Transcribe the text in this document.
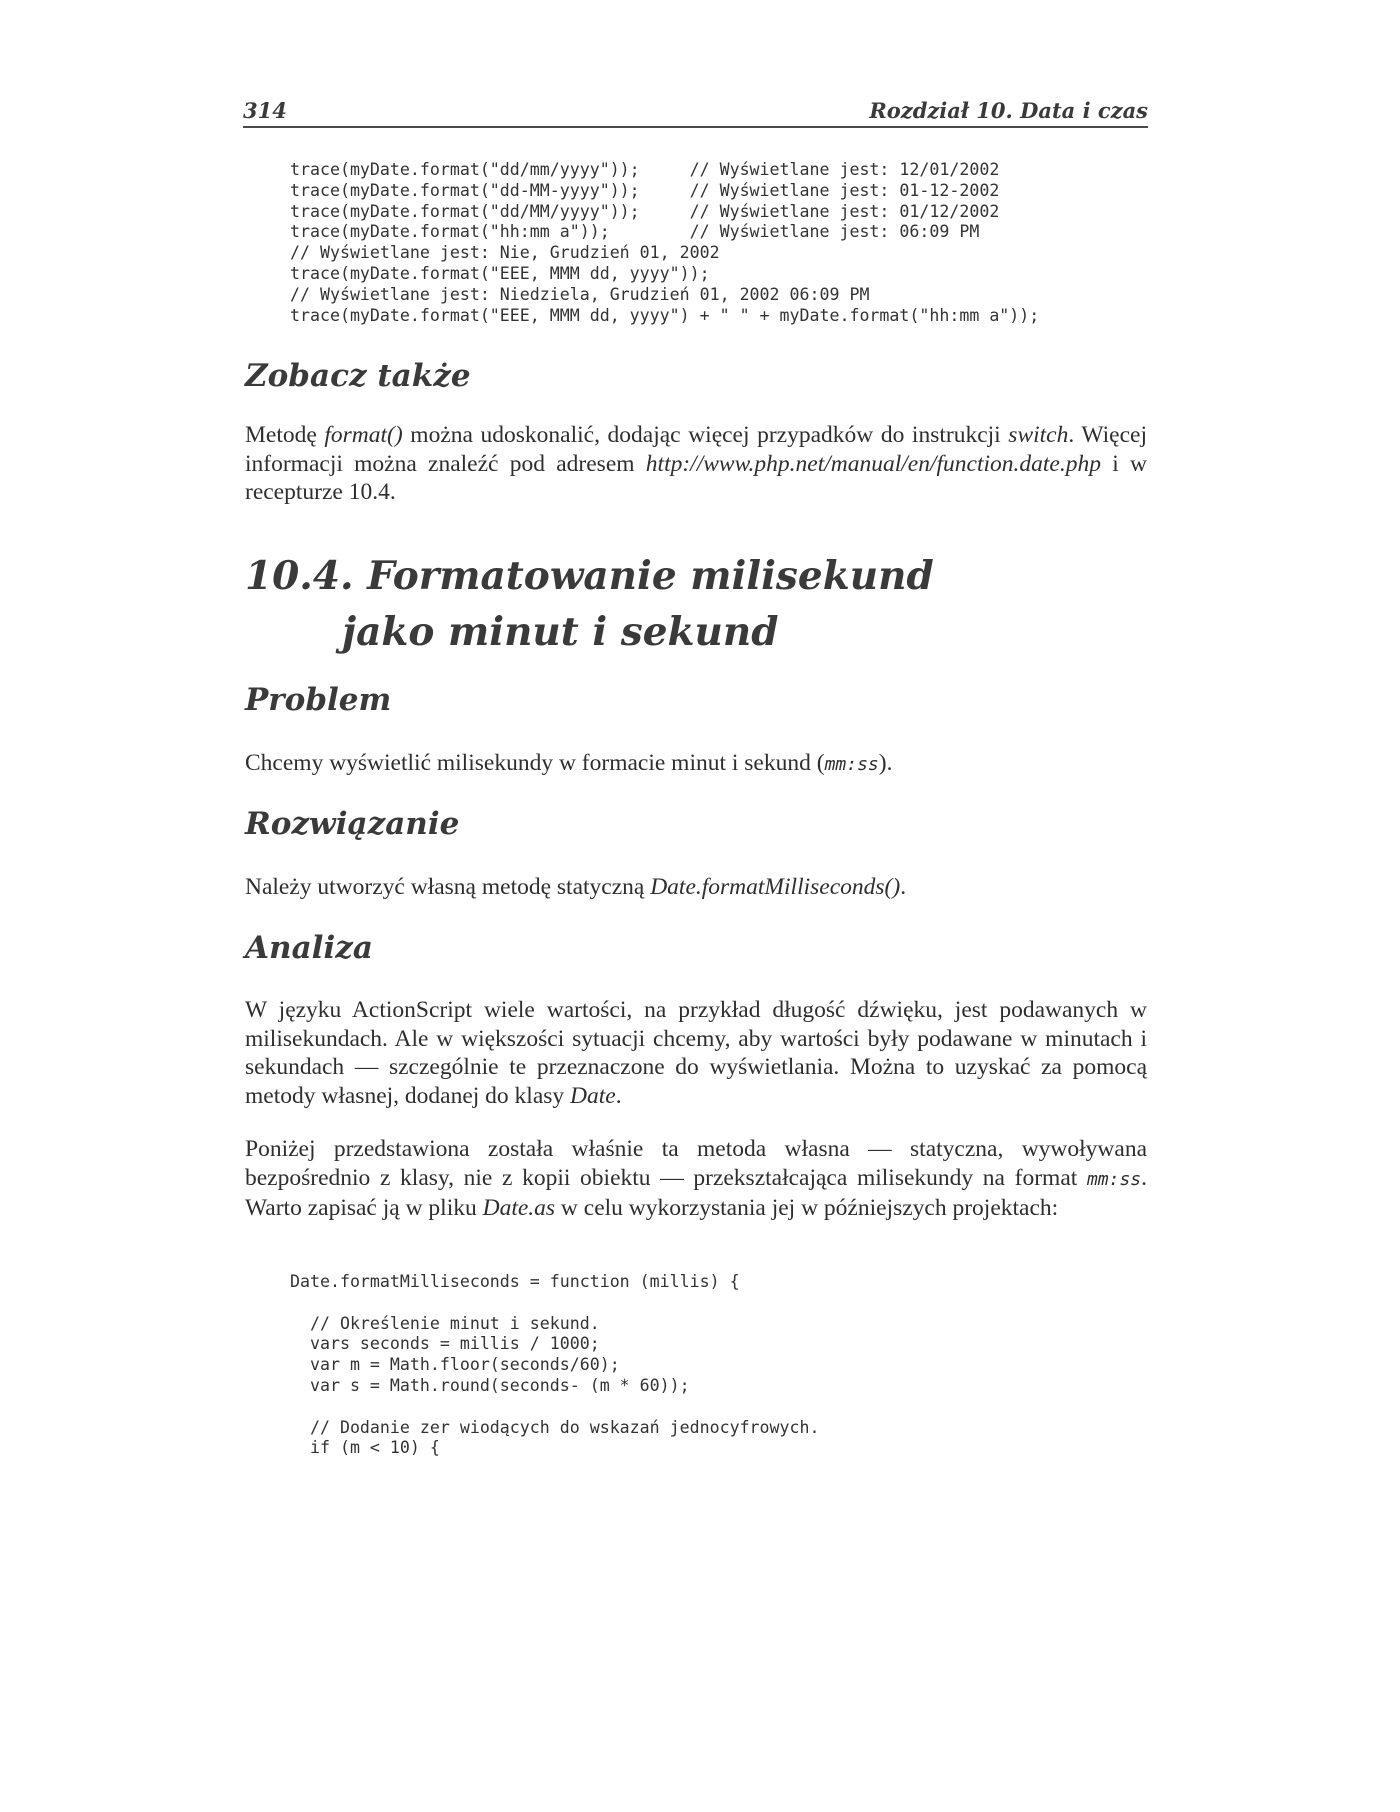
314	Rozdział 10. Data i czas
trace(myDate.format("dd/mm/yyyy"));     // Wyświetlane jest: 12/01/2002
trace(myDate.format("dd-MM-yyyy"));     // Wyświetlane jest: 01-12-2002
trace(myDate.format("dd/MM/yyyy"));     // Wyświetlane jest: 01/12/2002
trace(myDate.format("hh:mm a"));        // Wyświetlane jest: 06:09 PM
// Wyświetlane jest: Nie, Grudzień 01, 2002
trace(myDate.format("EEE, MMM dd, yyyy"));
// Wyświetlane jest: Niedziela, Grudzień 01, 2002 06:09 PM
trace(myDate.format("EEE, MMM dd, yyyy") + " " + myDate.format("hh:mm a"));
Zobacz także

Metodę format() można udoskonalić, dodając więcej przypadków do instrukcji switch. Więcej informacji można znaleźć pod adresem http://www.php.net/manual/en/function.date.php i w recepturze 10.4.

10.4. Formatowanie milisekund
jako minut i sekund
Problem

Chcemy wyświetlić milisekundy w formacie minut i sekund (mm:ss).

Rozwiązanie

Należy utworzyć własną metodę statyczną Date.formatMilliseconds().

Analiza

W języku ActionScript wiele wartości, na przykład długość dźwięku, jest podawanych w milisekundach. Ale w większości sytuacji chcemy, aby wartości były podawane w minutach i sekundach — szczególnie te przeznaczone do wyświetlania. Można to uzyskać za pomocą metody własnej, dodanej do klasy Date.

Poniżej przedstawiona została właśnie ta metoda własna — statyczna, wywoływana bezpośrednio z klasy, nie z kopii obiektu — przekształcająca milisekundy na format mm:ss. Warto zapisać ją w pliku Date.as w celu wykorzystania jej w późniejszych projektach:

Date.formatMilliseconds = function (millis) {
// Określenie minut i sekund.
vars seconds = millis / 1000;
var m = Math.floor(seconds/60);
var s = Math.round(seconds- (m * 60));
// Dodanie zer wiodących do wskazań jednocyfrowych.
if (m < 10) {
